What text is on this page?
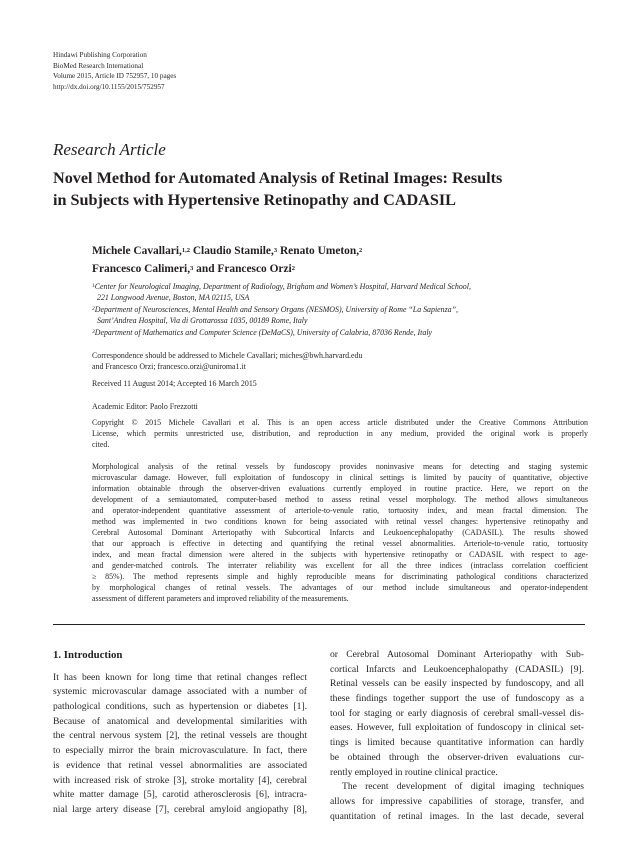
Hindawi Publishing Corporation
BioMed Research International
Volume 2015, Article ID 752957, 10 pages
http://dx.doi.org/10.1155/2015/752957
Research Article
Novel Method for Automated Analysis of Retinal Images: Results
in Subjects with Hypertensive Retinopathy and CADASIL
Michele Cavallari,$^{1,2}$ Claudio Stamile,$^3$ Renato Umeton,$^2$
Francesco Calimeri,$^3$ and Francesco Orzi$^2$
$^1$Center for Neurological Imaging, Department of Radiology, Brigham and Women’s Hospital, Harvard Medical School,
221 Longwood Avenue, Boston, MA 02115, USA
$^2$Department of Neurosciences, Mental Health and Sensory Organs (NESMOS), University of Rome “La Sapienza”,
Sant’Andrea Hospital, Via di Grottarossa 1035, 00189 Rome, Italy
$^3$Department of Mathematics and Computer Science (DeMaCS), University of Calabria, 87036 Rende, Italy
Correspondence should be addressed to Michele Cavallari; miches@bwh.harvard.edu
and Francesco Orzi; francesco.orzi@uniroma1.it
Received 11 August 2014; Accepted 16 March 2015
Academic Editor: Paolo Frezzotti
Copyright © 2015 Michele Cavallari et al. This is an open access article distributed under the Creative Commons Attribution
License, which permits unrestricted use, distribution, and reproduction in any medium, provided the original work is properly
cited.
Morphological analysis of the retinal vessels by fundoscopy provides noninvasive means for detecting and staging systemic
microvascular damage. However, full exploitation of fundoscopy in clinical settings is limited by paucity of quantitative, objective
information obtainable through the observer-driven evaluations currently employed in routine practice. Here, we report on the
development of a semiautomated, computer-based method to assess retinal vessel morphology. The method allows simultaneous
and operator-independent quantitative assessment of arteriole-to-venule ratio, tortuosity index, and mean fractal dimension. The
method was implemented in two conditions known for being associated with retinal vessel changes: hypertensive retinopathy and
Cerebral Autosomal Dominant Arteriopathy with Subcortical Infarcts and Leukoencephalopathy (CADASIL). The results showed
that our approach is effective in detecting and quantifying the retinal vessel abnormalities. Arteriole-to-venule ratio, tortuosity
index, and mean fractal dimension were altered in the subjects with hypertensive retinopathy or CADASIL with respect to age-
and gender-matched controls. The interrater reliability was excellent for all the three indices (intraclass correlation coefficient
≥ 85%). The method represents simple and highly reproducible means for discriminating pathological conditions characterized
by morphological changes of retinal vessels. The advantages of our method include simultaneous and operator-independent
assessment of different parameters and improved reliability of the measurements.
1. Introduction
It has been known for long time that retinal changes reflect
systemic microvascular damage associated with a number of
pathological conditions, such as hypertension or diabetes [1].
Because of anatomical and developmental similarities with
the central nervous system [2], the retinal vessels are thought
to especially mirror the brain microvasculature. In fact, there
is evidence that retinal vessel abnormalities are associated
with increased risk of stroke [3], stroke mortality [4], cerebral
white matter damage [5], carotid atherosclerosis [6], intracra-
nial large artery disease [7], cerebral amyloid angiopathy [8],
or Cerebral Autosomal Dominant Arteriopathy with Sub-
cortical Infarcts and Leukoencephalopathy (CADASIL) [9].
Retinal vessels can be easily inspected by fundoscopy, and all
these findings together support the use of fundoscopy as a
tool for staging or early diagnosis of cerebral small-vessel dis-
eases. However, full exploitation of fundoscopy in clinical set-
tings is limited because quantitative information can hardly
be obtained through the observer-driven evaluations cur-
rently employed in routine clinical practice.
The recent development of digital imaging techniques
allows for impressive capabilities of storage, transfer, and
quantitation of retinal images. In the last decade, several
